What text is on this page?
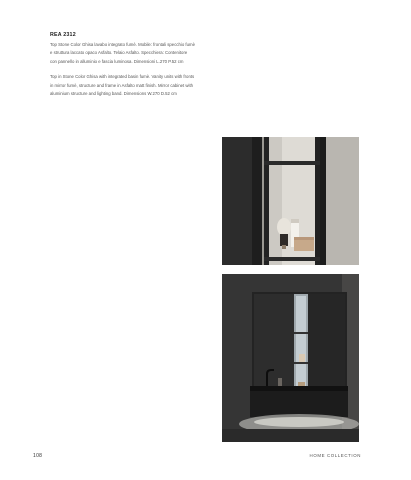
REA 2312

Top Stone Color Ghisa lavabo integrato fumè. Mobile: frontali specchio fumè e struttura laccato opaco Asfalto. Telaio Asfalto. Specchiera: Contenitore con pannello in alluminio e fascia luminosa. Dimensioni L.270 P.52 cm

Top in Stone Color Ghisa with integrated basin fumè. Vanity units with fronts in mirror fumè, structure and frame in Asfalto matt finish. Mirror cabinet with aluminium structure and lighting band. Dimensions W.270 D.52 cm

108	HOME COLLECTION
